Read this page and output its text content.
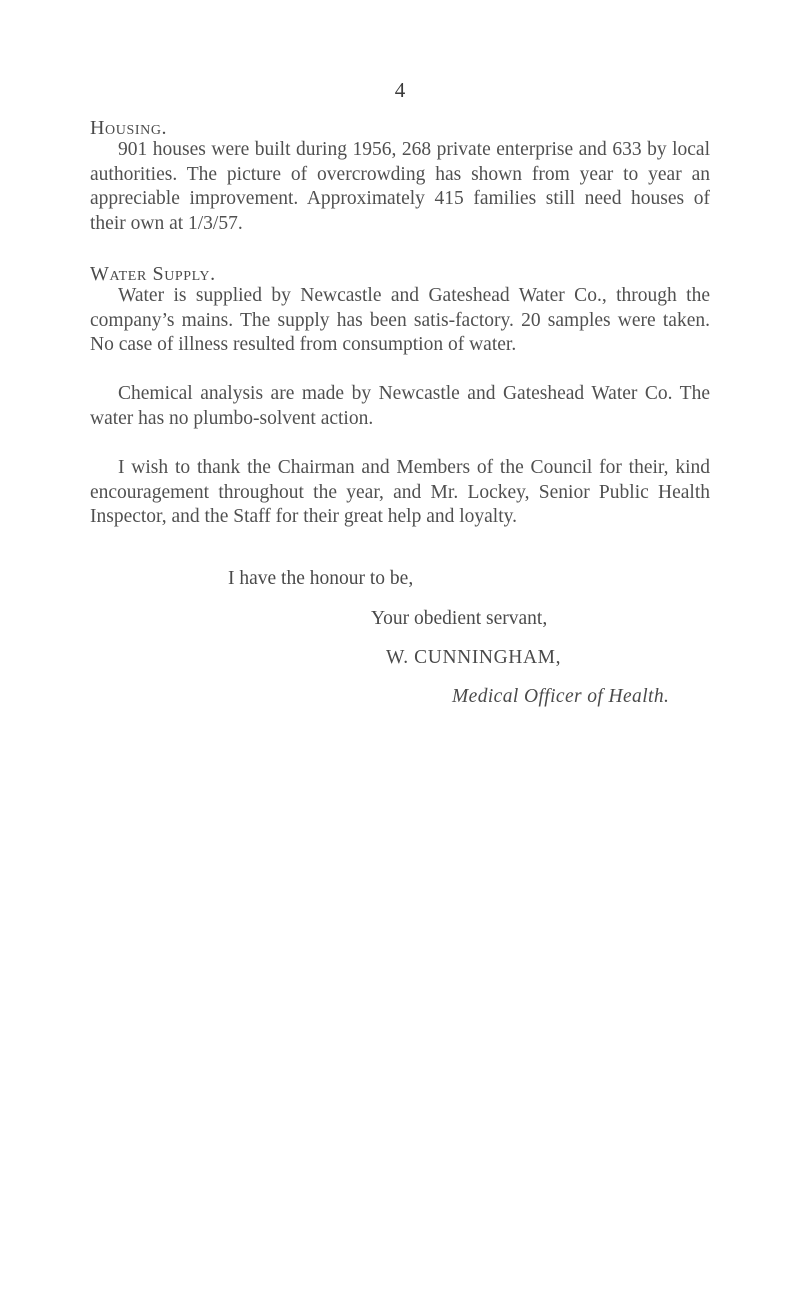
4
Housing.
901 houses were built during 1956, 268 private enterprise and 633 by local authorities. The picture of overcrowding has shown from year to year an appreciable improvement. Approximately 415 families still need houses of their own at 1/3/57.
Water Supply.
Water is supplied by Newcastle and Gateshead Water Co., through the company’s mains. The supply has been satis-factory. 20 samples were taken. No case of illness resulted from consumption of water.
Chemical analysis are made by Newcastle and Gateshead Water Co. The water has no plumbo-solvent action.
I wish to thank the Chairman and Members of the Council for their, kind encouragement throughout the year, and Mr. Lockey, Senior Public Health Inspector, and the Staff for their great help and loyalty.
I have the honour to be,
Your obedient servant,
W. CUNNINGHAM,
Medical Officer of Health.
